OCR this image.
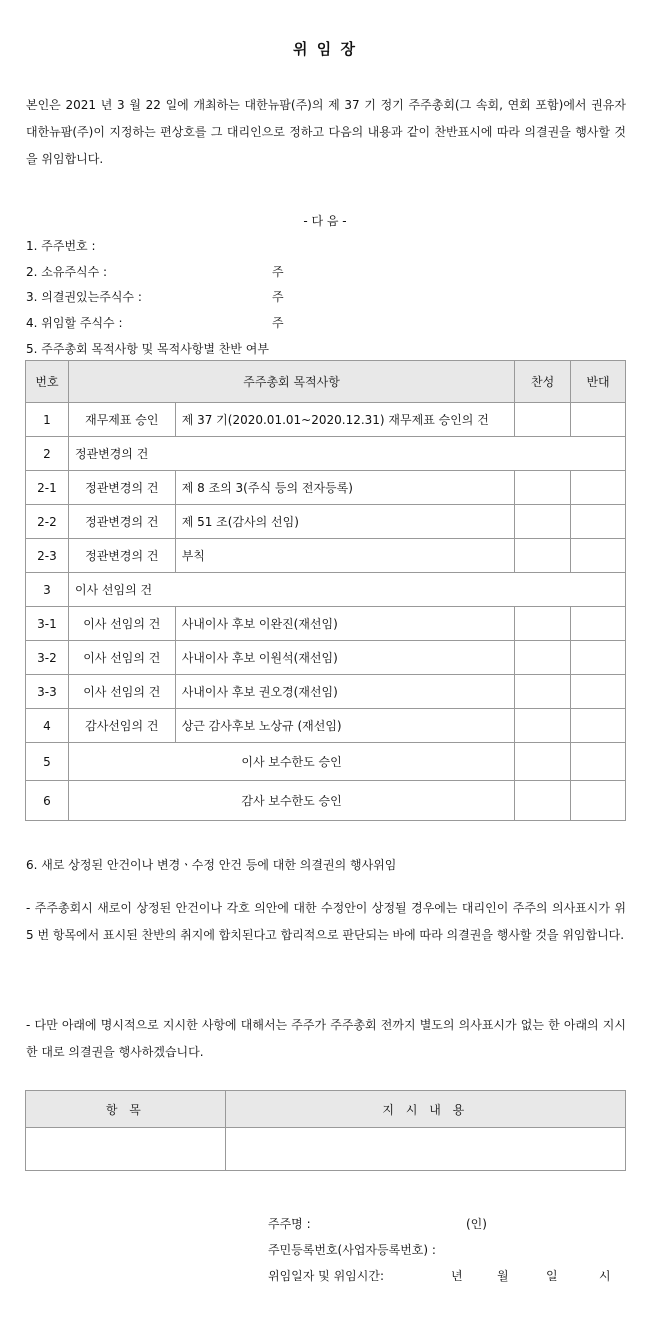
위 임 장
본인은 2021 년 3 월 22 일에 개최하는 대한뉴팜(주)의 제 37 기 정기 주주총회(그 속회, 연회 포함)에서 권유자 대한뉴팜(주)이 지정하는 편상호를 그 대리인으로 정하고 다음의 내용과 같이 찬반표시에 따라 의결권을 행사할 것을 위임합니다.
- 다 음 -
1. 주주번호 :
2. 소유주식수 :	주
3. 의결권있는주식수 :	주
4. 위임할 주식수 :	주
5. 주주총회 목적사항 및 목적사항별 찬반 여부
번호	주주총회 목적사항		찬성	반대
1	재무제표 승인	제 37 기(2020.01.01~2020.12.31) 재무제표 승인의 건		
2	정관변경의 건			
2-1	정관변경의 건	제 8 조의 3(주식 등의 전자등록)		
2-2	정관변경의 건	제 51 조(감사의 선임)		
2-3	정관변경의 건	부칙		
3	이사 선임의 건			
3-1	이사 선임의 건	사내이사 후보 이완진(재선임)		
3-2	이사 선임의 건	사내이사 후보 이원석(재선임)		
3-3	이사 선임의 건	사내이사 후보 권오경(재선임)		
4	감사선임의 건	상근 감사후보 노상규 (재선임)		
5	이사 보수한도 승인			
6	감사 보수한도 승인			
6. 새로 상정된 안건이나 변경ㆍ수정 안건 등에 대한 의결권의 행사위임
- 주주총회시 새로이 상정된 안건이나 각호 의안에 대한 수정안이 상정될 경우에는 대리인이 주주의 의사표시가 위 5 번 항목에서 표시된 찬반의 취지에 합치된다고 합리적으로 판단되는 바에 따라 의결권을 행사할 것을 위임합니다.
- 다만 아래에 명시적으로 지시한 사항에 대해서는 주주가 주주총회 전까지 별도의 의사표시가 없는 한 아래의 지시한 대로 의결권을 행사하겠습니다.
항 목	지 시 내 용

주주명 :	(인)
주민등록번호(사업자등록번호) :
위임일자 및 위임시간:	년	월	일	시
